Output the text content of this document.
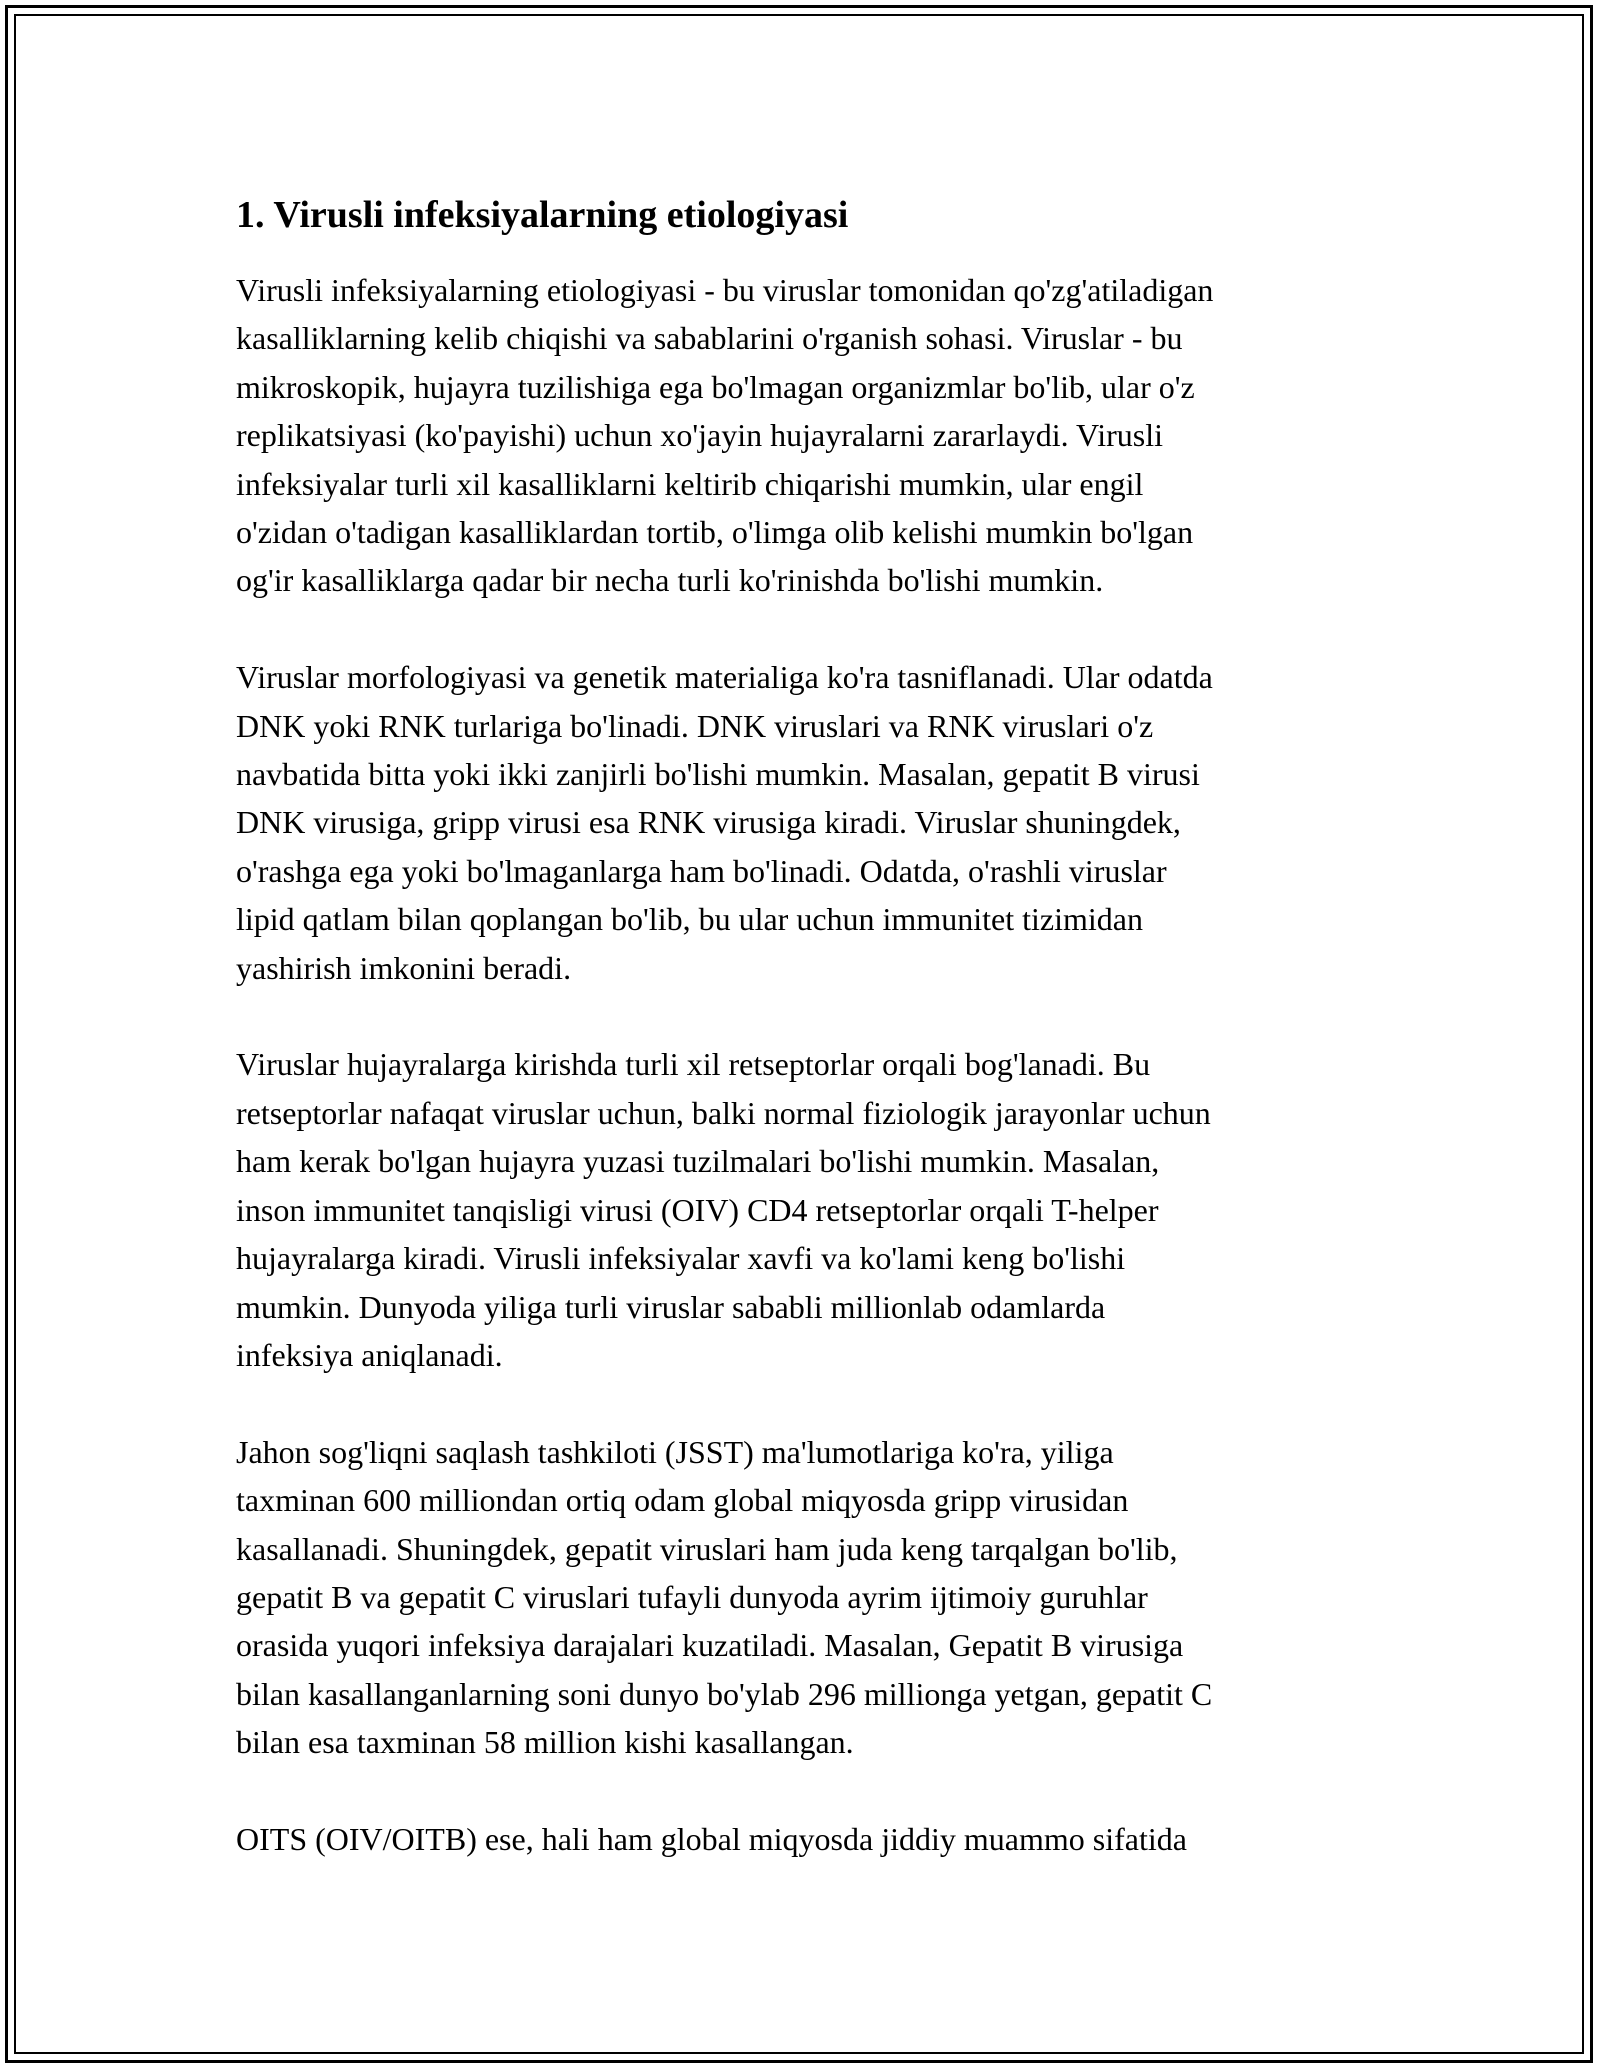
1. Virusli infeksiyalarning etiologiyasi
Virusli infeksiyalarning etiologiyasi - bu viruslar tomonidan qo'zg'atiladigan
kasalliklarning kelib chiqishi va sabablarini o'rganish sohasi. Viruslar - bu
mikroskopik, hujayra tuzilishiga ega bo'lmagan organizmlar bo'lib, ular o'z
replikatsiyasi (ko'payishi) uchun xo'jayin hujayralarni zararlaydi. Virusli
infeksiyalar turli xil kasalliklarni keltirib chiqarishi mumkin, ular engil
o'zidan o'tadigan kasalliklardan tortib, o'limga olib kelishi mumkin bo'lgan
og'ir kasalliklarga qadar bir necha turli ko'rinishda bo'lishi mumkin.
Viruslar morfologiyasi va genetik materialiga ko'ra tasniflanadi. Ular odatda
DNK yoki RNK turlariga bo'linadi. DNK viruslari va RNK viruslari o'z
navbatida bitta yoki ikki zanjirli bo'lishi mumkin. Masalan, gepatit B virusi
DNK virusiga, gripp virusi esa RNK virusiga kiradi. Viruslar shuningdek,
o'rashga ega yoki bo'lmaganlarga ham bo'linadi. Odatda, o'rashli viruslar
lipid qatlam bilan qoplangan bo'lib, bu ular uchun immunitet tizimidan
yashirish imkonini beradi.
Viruslar hujayralarga kirishda turli xil retseptorlar orqali bog'lanadi. Bu
retseptorlar nafaqat viruslar uchun, balki normal fiziologik jarayonlar uchun
ham kerak bo'lgan hujayra yuzasi tuzilmalari bo'lishi mumkin. Masalan,
inson immunitet tanqisligi virusi (OIV) CD4 retseptorlar orqali T-helper
hujayralarga kiradi. Virusli infeksiyalar xavfi va ko'lami keng bo'lishi
mumkin. Dunyoda yiliga turli viruslar sababli millionlab odamlarda
infeksiya aniqlanadi.
Jahon sog'liqni saqlash tashkiloti (JSST) ma'lumotlariga ko'ra, yiliga
taxminan 600 milliondan ortiq odam global miqyosda gripp virusidan
kasallanadi. Shuningdek, gepatit viruslari ham juda keng tarqalgan bo'lib,
gepatit B va gepatit C viruslari tufayli dunyoda ayrim ijtimoiy guruhlar
orasida yuqori infeksiya darajalari kuzatiladi. Masalan, Gepatit B virusiga
bilan kasallanganlarning soni dunyo bo'ylab 296 millionga yetgan, gepatit C
bilan esa taxminan 58 million kishi kasallangan.
OITS (OIV/OITB) ese, hali ham global miqyosda jiddiy muammo sifatida
